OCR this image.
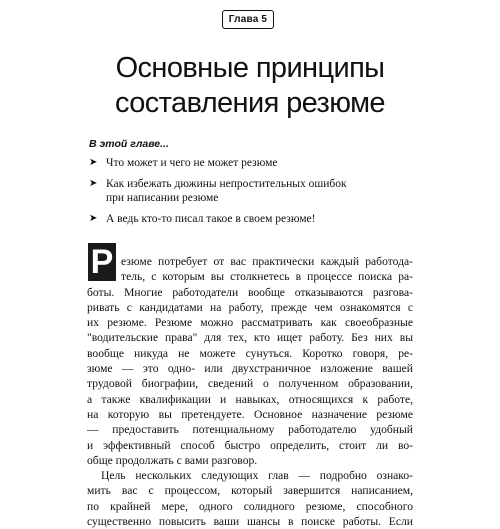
Глава 5
Основные принципы
составления резюме
В этой главе...
➤ Что может и чего не может резюме
➤ Как избежать дюжины непростительных ошибок
при написании резюме
➤ А ведь кто-то писал такое в своем резюме!
Р езюме потребует от вас практически каждый работода-
тель, с которым вы столкнетесь в процессе поиска ра-
боты. Многие работодатели вообще отказываются разгова-
ривать с кандидатами на работу, прежде чем ознакомятся с
их резюме. Резюме можно рассматривать как своеобразные
"водительские права" для тех, кто ищет работу. Без них вы
вообще никуда не можете сунуться. Коротко говоря, ре-
зюме — это одно- или двухстраничное изложение вашей
трудовой биографии, сведений о полученном образовании,
а также квалификации и навыках, относящихся к работе,
на которую вы претендуете. Основное назначение резюме
— предоставить потенциальному работодателю удобный
и эффективный способ быстро определить, стоит ли во-
обще продолжать с вами разговор.

Цель нескольких следующих глав — подробно ознако-
мить вас с процессом, который завершится написанием,
по крайней мере, одного солидного резюме, способного
существенно повысить ваши шансы в поиске работы. Если
